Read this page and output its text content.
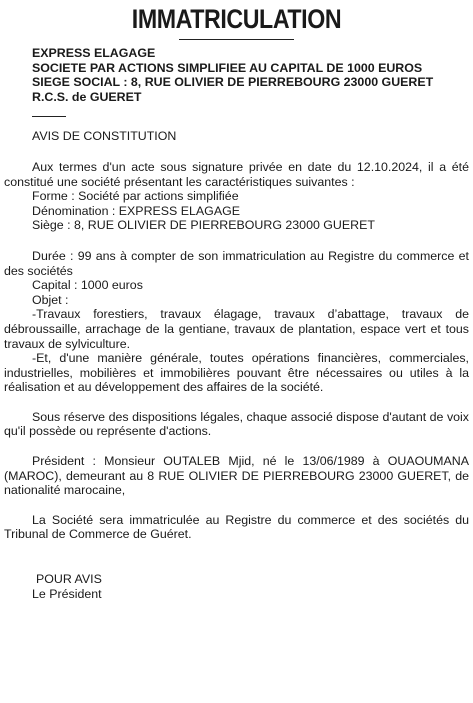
IMMATRICULATION
EXPRESS ELAGAGE
SOCIETE PAR ACTIONS SIMPLIFIEE AU CAPITAL DE 1000 EUROS
SIEGE SOCIAL : 8, RUE OLIVIER DE PIERREBOURG 23000 GUERET
R.C.S. de GUERET
AVIS DE CONSTITUTION

Aux termes d'un acte sous signature privée en date du 12.10.2024, il a été constitué une société présentant les caractéristiques suivantes :

Forme : Société par actions simplifiée

Dénomination : EXPRESS ELAGAGE

Siège : 8, RUE OLIVIER DE PIERREBOURG 23000 GUERET

Durée : 99 ans à compter de son immatriculation au Registre du commerce et des sociétés

Capital : 1000 euros

Objet :

-Travaux forestiers, travaux élagage, travaux d’abattage, travaux de débroussaille, arrachage de la gentiane, travaux de plantation, espace vert et tous travaux de sylviculture.

-Et, d'une manière générale, toutes opérations financières, commerciales, industrielles, mobilières et immobilières pouvant être nécessaires ou utiles à la réalisation et au développement des affaires de la société.

Sous réserve des dispositions légales, chaque associé dispose d'autant de voix qu'il possède ou représente d'actions.

Président : Monsieur OUTALEB Mjid, né le 13/06/1989 à OUAOUMANA (MAROC), demeurant au 8 RUE OLIVIER DE PIERREBOURG 23000 GUERET, de nationalité marocaine,

La Société sera immatriculée au Registre du commerce et des sociétés du Tribunal de Commerce de Guéret.

POUR AVIS
Le Président
